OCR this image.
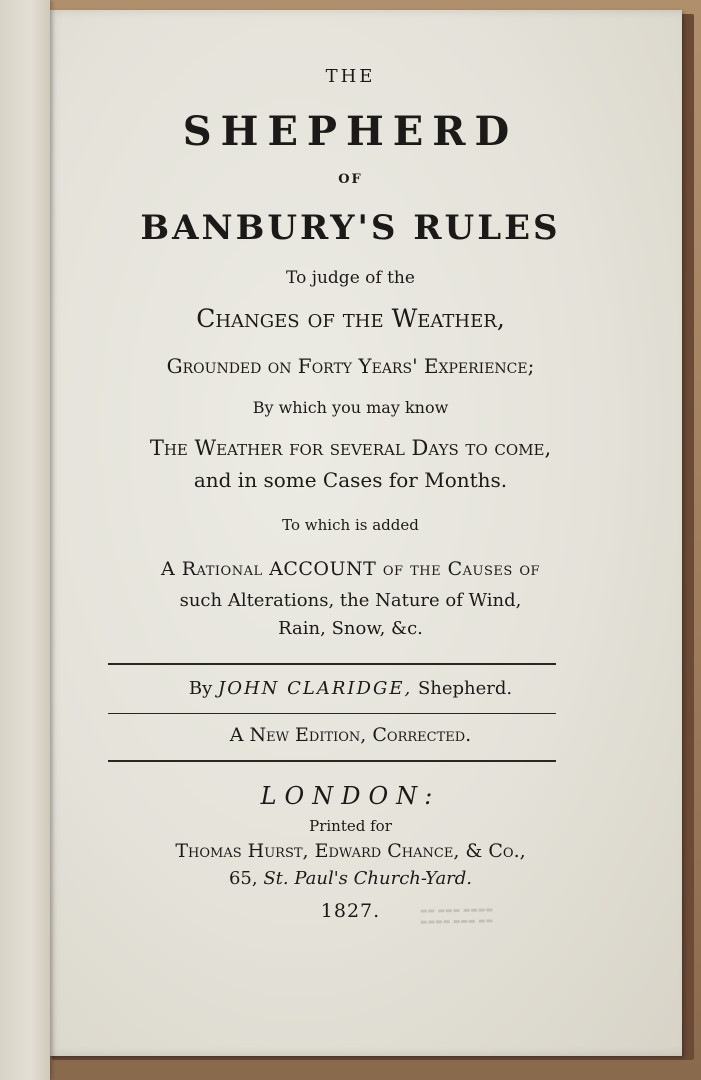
THE
SHEPHERD
OF
BANBURY'S RULES
To judge of the
Changes of the Weather,
Grounded on Forty Years' Experience;
By which you may know
The Weather for several Days to come,
and in some Cases for Months.
To which is added
A Rational ACCOUNT of the Causes of
such Alterations, the Nature of Wind,
Rain, Snow, &c.
By JOHN CLARIDGE, Shepherd.
A New Edition, Corrected.
LONDON:
Printed for
Thomas Hurst, Edward Chance, & Co.,
65, St. Paul's Church-Yard.
1827.	▬▬ ▬▬▬ ▬▬▬▬
▬▬▬▬ ▬▬▬ ▬▬
